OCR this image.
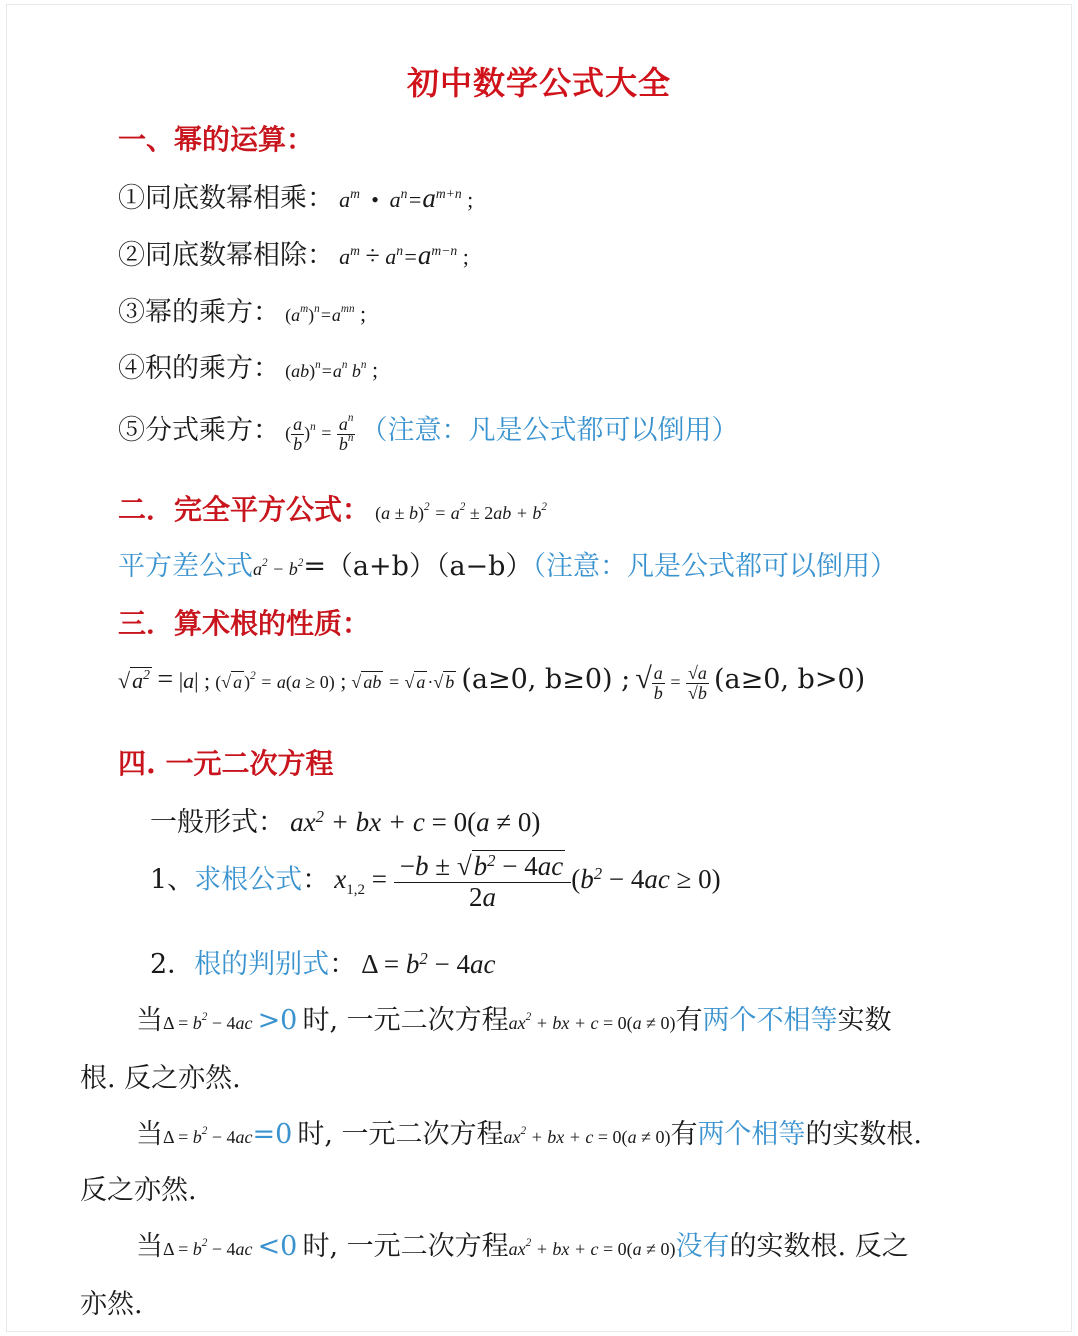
初中数学公式大全
一、幂的运算：
①同底数幂相乘： $a^m$  •  $a^n=a^{m+n}$ ;
②同底数幂相除： $a^m \div a^n=a^{m-n}$ ;
③幂的乘方： $(a^m)^n=a^{mn}$ ;
④积的乘方： $(ab)^n=a^n$ $b^n$ ;
⑤分式乘方： ( $\frac{a}{b} )^n = \frac{a^n}{b^n}$ （注意：凡是公式都可以倒用）
二．完全平方公式： $(a \pm b)^2 = a^2 \pm 2ab + b^2$
平方差公式$a^2 - b^2=(a+b)(a-b)$（注意：凡是公式都可以倒用）
三．算术根的性质：
$√a^2 = |a|$ ; (√ a )$^2$ = a(a ≥ 0) ; √ ab = √ a ·√ b (a≥0, b≥0) ; √ $\frac{a}{b} = \frac{√a}{√b} (a\ge 0$, b>0)
四. 一元二次方程
一般形式： $ax^2$ + bx + c = 0(a ≠ 0)
1、求根公式： $x_{1,2} = \frac{-b \pm √b^2 - 4ac}{2a} (b^2 - 4ac \ge 0)$
2．根的判别式： $\Delta = b^2 - 4ac$
当$\Delta = b^2 - 4ac >0$ 时, 一元二次方程$ax^2$ + bx + c = 0(a ≠ 0)有两个不相等实数
根. 反之亦然.
当$\Delta = b^2 - 4ac=0$ 时, 一元二次方程$ax^2$ + bx + c = 0(a ≠ 0)有两个相等的实数根.
反之亦然.
当$\Delta = b^2 - 4ac <0$ 时, 一元二次方程$ax^2$ + bx + c = 0(a ≠ 0)没有的实数根. 反之
亦然.
